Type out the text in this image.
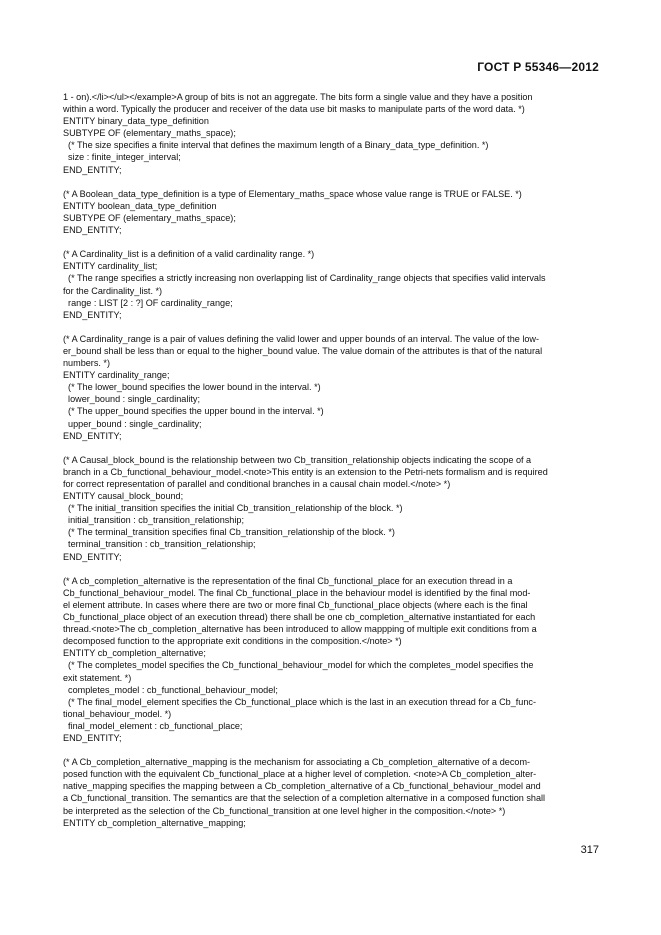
ГОСТ Р 55346—2012
1 - on).</li></ul></example>A group of bits is not an aggregate. The bits form a single value and they have a position
within a word. Typically the producer and receiver of the data use bit masks to manipulate parts of the word data. *)
ENTITY binary_data_type_definition
SUBTYPE OF (elementary_maths_space);
(* The size specifies a finite interval that defines the maximum length of a Binary_data_type_definition. *)
size : finite_integer_interval;
END_ENTITY;
(* A Boolean_data_type_definition is a type of Elementary_maths_space whose value range is TRUE or FALSE. *)
ENTITY boolean_data_type_definition
SUBTYPE OF (elementary_maths_space);
END_ENTITY;
(* A Cardinality_list is a definition of a valid cardinality range. *)
ENTITY cardinality_list;
(* The range specifies a strictly increasing non overlapping list of Cardinality_range objects that specifies valid intervals
for the Cardinality_list. *)
range : LIST [2 : ?] OF cardinality_range;
END_ENTITY;
(* A Cardinality_range is a pair of values defining the valid lower and upper bounds of an interval. The value of the low-
er_bound shall be less than or equal to the higher_bound value. The value domain of the attributes is that of the natural
numbers. *)
ENTITY cardinality_range;
(* The lower_bound specifies the lower bound in the interval. *)
lower_bound : single_cardinality;
(* The upper_bound specifies the upper bound in the interval. *)
upper_bound : single_cardinality;
END_ENTITY;
(* A Causal_block_bound is the relationship between two Cb_transition_relationship objects indicating the scope of a
branch in a Cb_functional_behaviour_model.<note>This entity is an extension to the Petri-nets formalism and is required
for correct representation of parallel and conditional branches in a causal chain model.</note> *)
ENTITY causal_block_bound;
(* The initial_transition specifies the initial Cb_transition_relationship of the block. *)
initial_transition : cb_transition_relationship;
(* The terminal_transition specifies final Cb_transition_relationship of the block. *)
terminal_transition : cb_transition_relationship;
END_ENTITY;
(* A cb_completion_alternative is the representation of the final Cb_functional_place for an execution thread in a
Cb_functional_behaviour_model. The final Cb_functional_place in the behaviour model is identified by the final mod-
el element attribute. In cases where there are two or more final Cb_functional_place objects (where each is the final
Cb_functional_place object of an execution thread) there shall be one cb_completion_alternative instantiated for each
thread.<note>The cb_completion_alternative has been introduced to allow mappping of multiple exit conditions from a
decomposed function to the appropriate exit conditions in the composition.</note> *)
ENTITY cb_completion_alternative;
(* The completes_model specifies the Cb_functional_behaviour_model for which the completes_model specifies the
exit statement. *)
completes_model : cb_functional_behaviour_model;
(* The final_model_element specifies the Cb_functional_place which is the last in an execution thread for a Cb_func-
tional_behaviour_model. *)
final_model_element : cb_functional_place;
END_ENTITY;
(* A Cb_completion_alternative_mapping is the mechanism for associating a Cb_completion_alternative of a decom-
posed function with the equivalent Cb_functional_place at a higher level of completion. <note>A Cb_completion_alter-
native_mapping specifies the mapping between a Cb_completion_alternative of a Cb_functional_behaviour_model and
a Cb_functional_transition. The semantics are that the selection of a completion alternative in a composed function shall
be interpreted as the selection of the Cb_functional_transition at one level higher in the composition.</note> *)
ENTITY cb_completion_alternative_mapping;
317
